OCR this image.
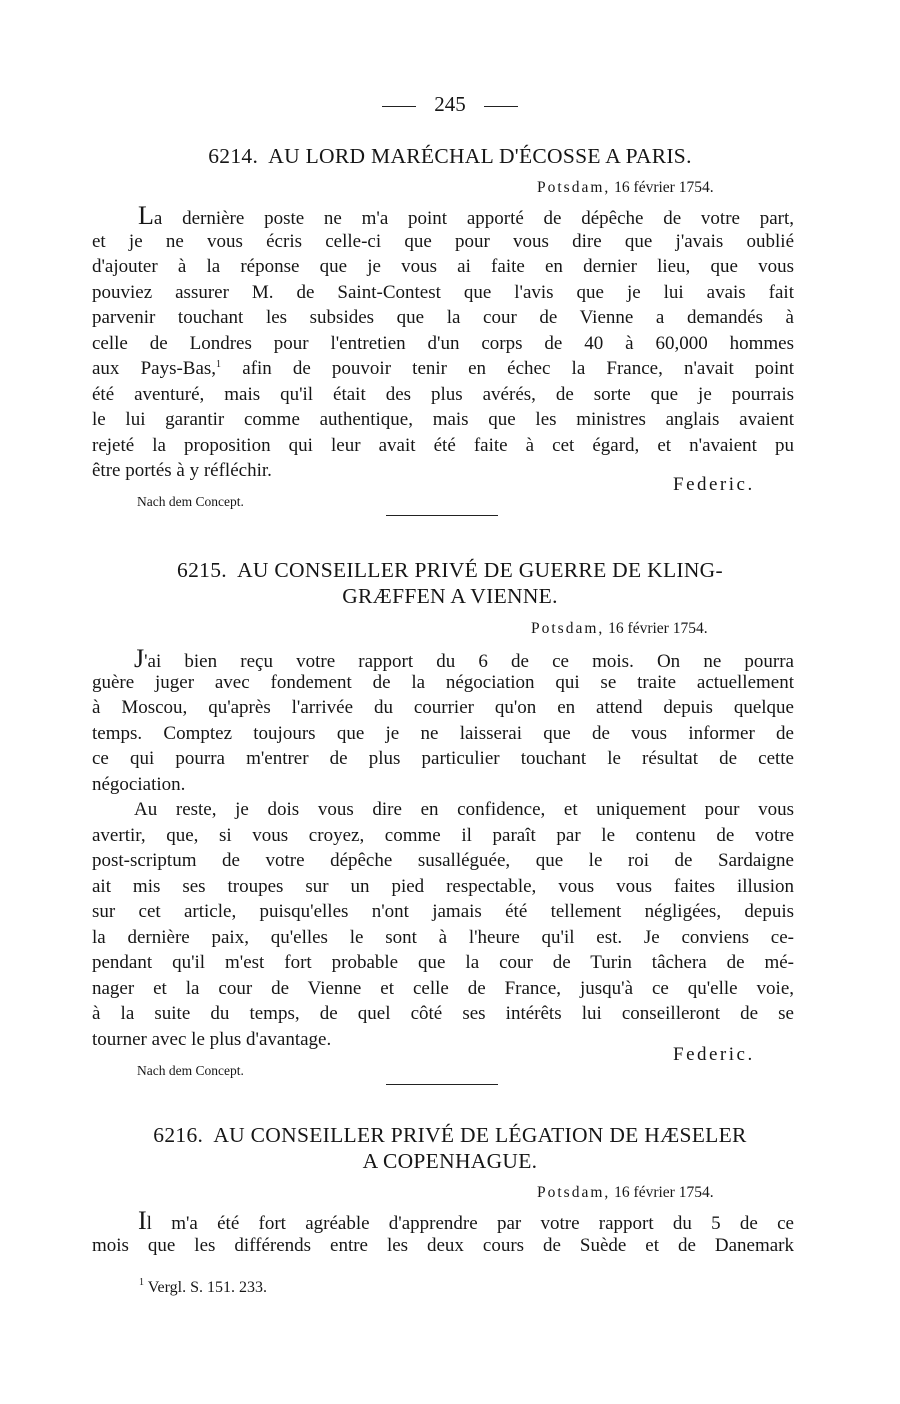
245
6214. AU LORD MARÉCHAL D'ÉCOSSE A PARIS.
Potsdam, 16 février 1754.
La dernière poste ne m'a point apporté de dépêche de votre part,
et je ne vous écris celle-ci que pour vous dire que j'avais oublié
d'ajouter à la réponse que je vous ai faite en dernier lieu, que vous
pouviez assurer M. de Saint-Contest que l'avis que je lui avais fait
parvenir touchant les subsides que la cour de Vienne a demandés à
celle de Londres pour l'entretien d'un corps de 40 à 60,000 hommes
aux Pays-Bas,$^1$ afin de pouvoir tenir en échec la France, n'avait point
été aventuré, mais qu'il était des plus avérés, de sorte que je pourrais
le lui garantir comme authentique, mais que les ministres anglais avaient
rejeté la proposition qui leur avait été faite à cet égard, et n'avaient pu
être portés à y réfléchir.
Federic.
Nach dem Concept.
6215. AU CONSEILLER PRIVÉ DE GUERRE DE KLING-
GRÆFFEN A VIENNE.
Potsdam, 16 février 1754.
J'ai bien reçu votre rapport du 6 de ce mois. On ne pourra
guère juger avec fondement de la négociation qui se traite actuellement
à Moscou, qu'après l'arrivée du courrier qu'on en attend depuis quelque
temps. Comptez toujours que je ne laisserai que de vous informer de
ce qui pourra m'entrer de plus particulier touchant le résultat de cette
négociation.
Au reste, je dois vous dire en confidence, et uniquement pour vous
avertir, que, si vous croyez, comme il paraît par le contenu de votre
post-scriptum de votre dépêche susalléguée, que le roi de Sardaigne
ait mis ses troupes sur un pied respectable, vous vous faites illusion
sur cet article, puisqu'elles n'ont jamais été tellement négligées, depuis
la dernière paix, qu'elles le sont à l'heure qu'il est. Je conviens ce-
pendant qu'il m'est fort probable que la cour de Turin tâchera de mé-
nager et la cour de Vienne et celle de France, jusqu'à ce qu'elle voie,
à la suite du temps, de quel côté ses intérêts lui conseilleront de se
tourner avec le plus d'avantage.
Federic.
Nach dem Concept.
6216. AU CONSEILLER PRIVÉ DE LÉGATION DE HÆSELER
A COPENHAGUE.
Potsdam, 16 février 1754.
Il m'a été fort agréable d'apprendre par votre rapport du 5 de ce
mois que les différends entre les deux cours de Suède et de Danemark
$^1$ Vergl. S. 151. 233.
